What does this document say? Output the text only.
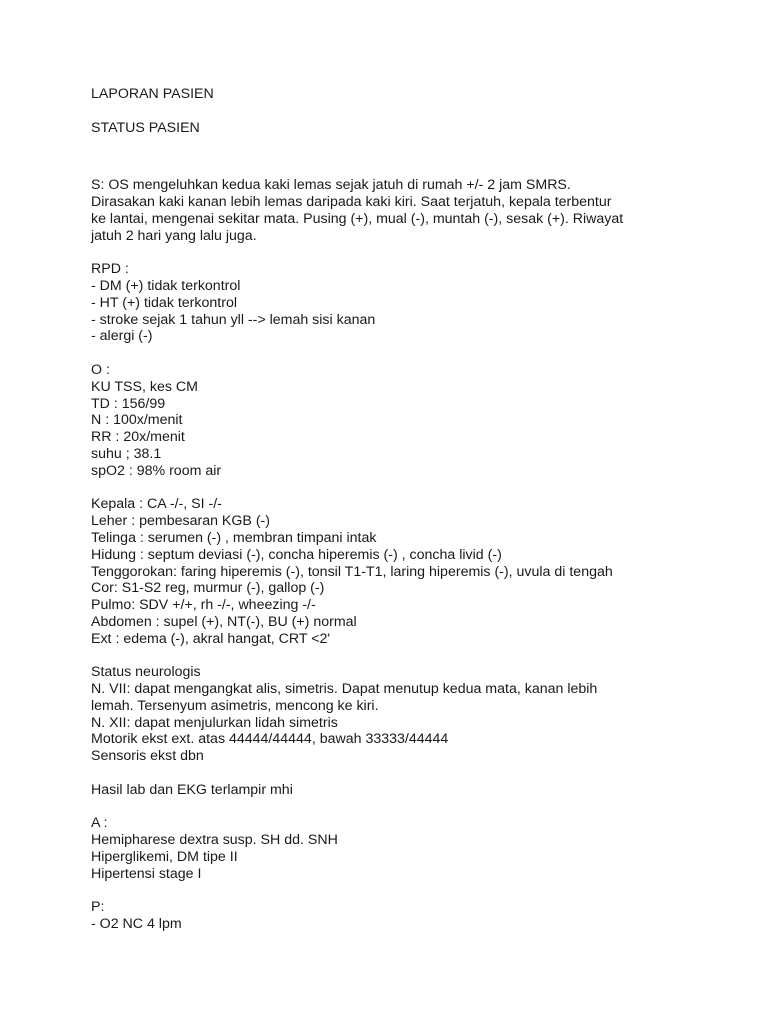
LAPORAN PASIEN
STATUS PASIEN
S: OS mengeluhkan kedua kaki lemas sejak jatuh di rumah +/- 2 jam SMRS.
Dirasakan kaki kanan lebih lemas daripada kaki kiri. Saat terjatuh, kepala terbentur
ke lantai, mengenai sekitar mata. Pusing (+), mual (-), muntah (-), sesak (+). Riwayat
jatuh 2 hari yang lalu juga.
RPD :
- DM (+) tidak terkontrol
- HT (+) tidak terkontrol
- stroke sejak 1 tahun yll --> lemah sisi kanan
- alergi (-)
O :
KU TSS, kes CM
TD : 156/99
N : 100x/menit
RR : 20x/menit
suhu ; 38.1
spO2 : 98% room air
Kepala : CA -/-, SI -/-
Leher : pembesaran KGB (-)
Telinga : serumen (-) , membran timpani intak
Hidung : septum deviasi (-), concha hiperemis (-) , concha livid (-)
Tenggorokan: faring hiperemis (-), tonsil T1-T1, laring hiperemis (-), uvula di tengah
Cor: S1-S2 reg, murmur (-), gallop (-)
Pulmo: SDV +/+, rh -/-, wheezing -/-
Abdomen : supel (+), NT(-), BU (+) normal
Ext : edema (-), akral hangat, CRT <2'
Status neurologis
N. VII: dapat mengangkat alis, simetris. Dapat menutup kedua mata, kanan lebih
lemah. Tersenyum asimetris, mencong ke kiri.
N. XII: dapat menjulurkan lidah simetris
Motorik ekst ext. atas 44444/44444, bawah 33333/44444
Sensoris ekst dbn
Hasil lab dan EKG terlampir mhi
A :
Hemipharese dextra susp. SH dd. SNH
Hiperglikemi, DM tipe II
Hipertensi stage I
P:
- O2 NC 4 lpm
